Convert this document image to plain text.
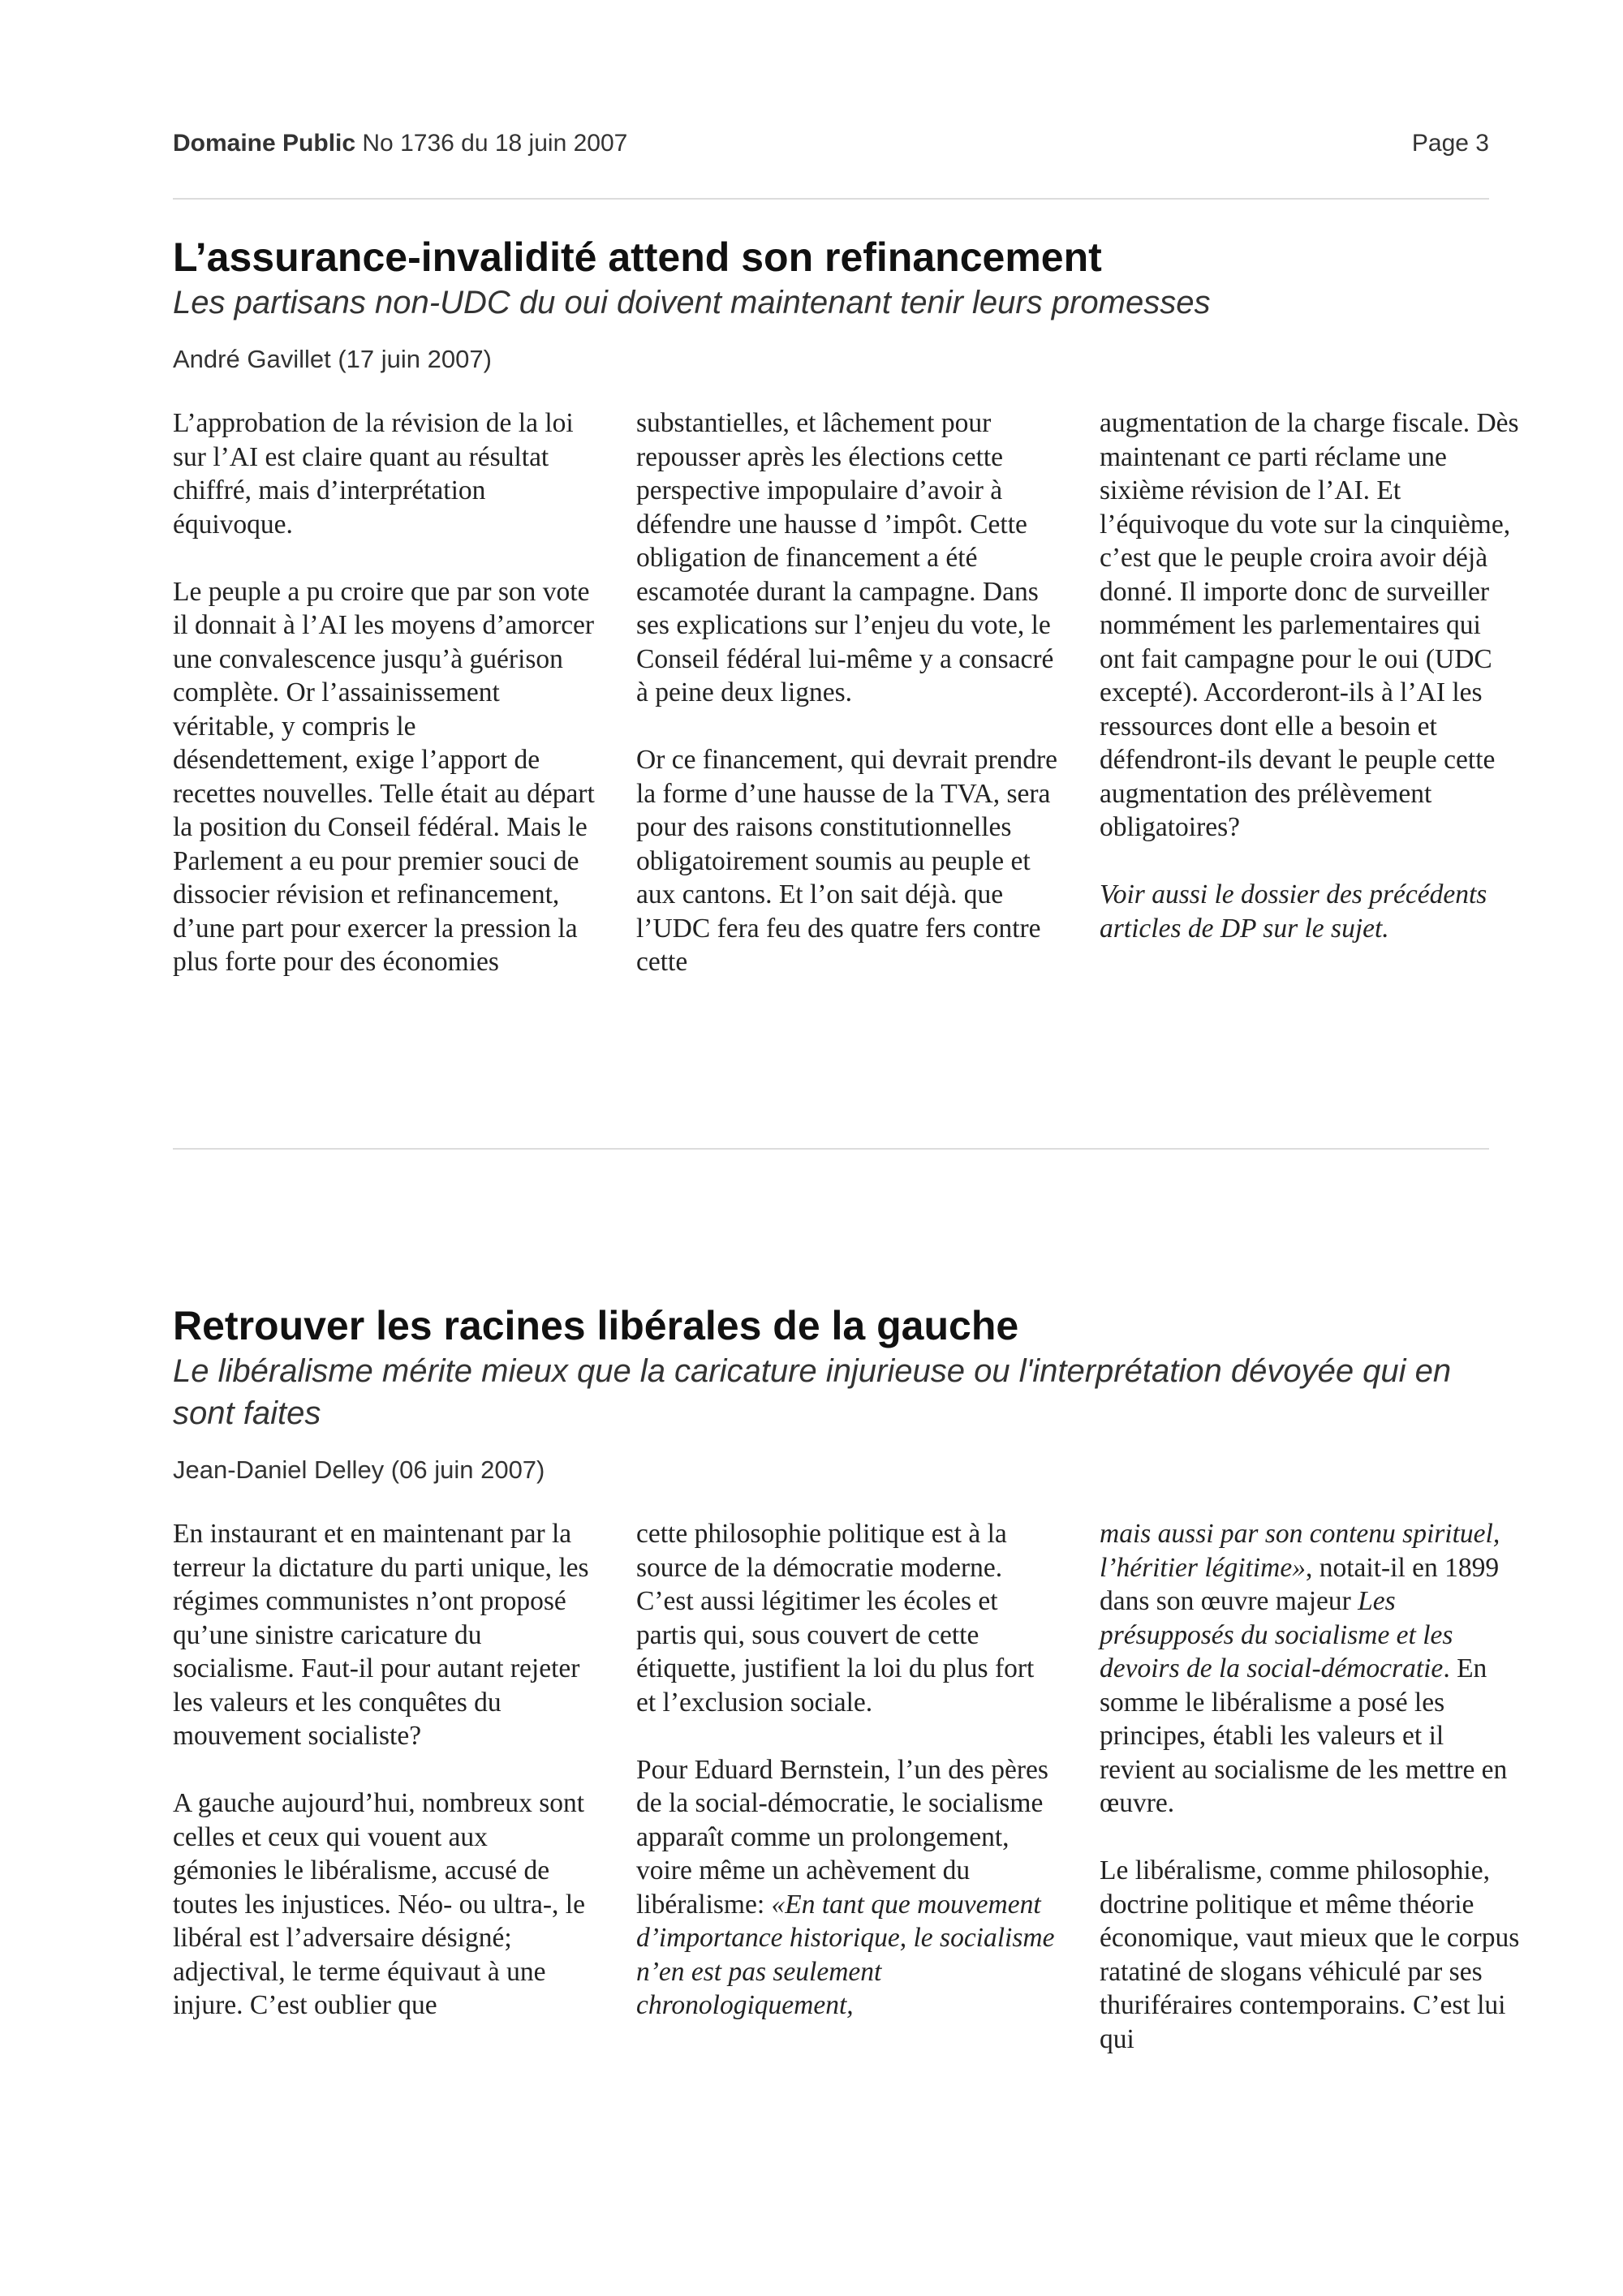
Domaine Public No 1736 du 18 juin 2007	Page 3
L’assurance-invalidité attend son refinancement

Les partisans non-UDC du oui doivent maintenant tenir leurs promesses

André Gavillet (17 juin 2007)

L’approbation de la révision de la loi sur l’AI est claire quant au résultat chiffré, mais d’interprétation équivoque.

Le peuple a pu croire que par son vote il donnait à l’AI les moyens d’amorcer une convalescence jusqu’à guérison complète. Or l’assainissement véritable, y compris le désendettement, exige l’apport de recettes nouvelles. Telle était au départ la position du Conseil fédéral. Mais le Parlement a eu pour premier souci de dissocier révision et refinancement, d’une part pour exercer la pression la plus forte pour des économies

substantielles, et lâchement pour repousser après les élections cette perspective impopulaire d’avoir à défendre une hausse d ’impôt. Cette obligation de financement a été escamotée durant la campagne. Dans ses explications sur l’enjeu du vote, le Conseil fédéral lui-même y a consacré à peine deux lignes.

Or ce financement, qui devrait prendre la forme d’une hausse de la TVA, sera pour des raisons constitutionnelles obligatoirement soumis au peuple et aux cantons. Et l’on sait déjà. que l’UDC fera feu des quatre fers contre cette

augmentation de la charge fiscale. Dès maintenant ce parti réclame une sixième révision de l’AI. Et l’équivoque du vote sur la cinquième, c’est que le peuple croira avoir déjà donné. Il importe donc de surveiller nommément les parlementaires qui ont fait campagne pour le oui (UDC excepté). Accorderont-ils à l’AI les ressources dont elle a besoin et défendront-ils devant le peuple cette augmentation des prélèvement obligatoires?

Voir aussi le dossier des précédents articles de DP sur le sujet.

Retrouver les racines libérales de la gauche

Le libéralisme mérite mieux que la caricature injurieuse ou l'interprétation dévoyée qui en sont faites

Jean-Daniel Delley (06 juin 2007)

En instaurant et en maintenant par la terreur la dictature du parti unique, les régimes communistes n’ont proposé qu’une sinistre caricature du socialisme. Faut-il pour autant rejeter les valeurs et les conquêtes du mouvement socialiste?

A gauche aujourd’hui, nombreux sont celles et ceux qui vouent aux gémonies le libéralisme, accusé de toutes les injustices. Néo- ou ultra-, le libéral est l’adversaire désigné; adjectival, le terme équivaut à une injure. C’est oublier que

cette philosophie politique est à la source de la démocratie moderne. C’est aussi légitimer les écoles et partis qui, sous couvert de cette étiquette, justifient la loi du plus fort et l’exclusion sociale.

Pour Eduard Bernstein, l’un des pères de la social-démocratie, le socialisme apparaît comme un prolongement, voire même un achèvement du libéralisme: «En tant que mouvement d’importance historique, le socialisme n’en est pas seulement chronologiquement,

mais aussi par son contenu spirituel, l’héritier légitime», notait-il en 1899 dans son œuvre majeur Les présupposés du socialisme et les devoirs de la social-démocratie. En somme le libéralisme a posé les principes, établi les valeurs et il revient au socialisme de les mettre en œuvre.

Le libéralisme, comme philosophie, doctrine politique et même théorie économique, vaut mieux que le corpus ratatiné de slogans véhiculé par ses thuriféraires contemporains. C’est lui qui
